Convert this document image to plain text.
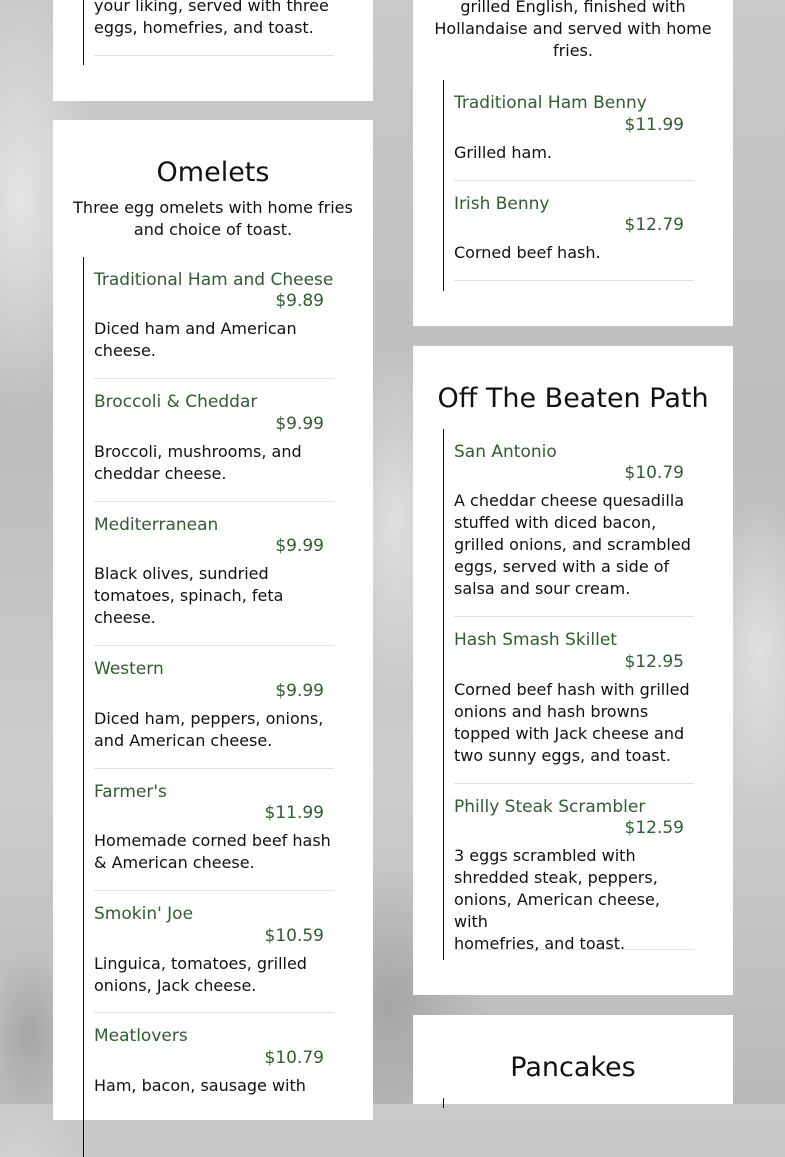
your liking, served with three
eggs, homefries, and toast.
grilled English, finished with
Hollandaise and served with home
fries.
Traditional Ham Benny
$11.99
Grilled ham.
Irish Benny
$12.79
Corned beef hash.
Omelets
Three egg omelets with home fries
and choice of toast.
Traditional Ham and Cheese
$9.89
Diced ham and American
cheese.
Broccoli & Cheddar
$9.99
Broccoli, mushrooms, and
cheddar cheese.
Mediterranean
$9.99
Black olives, sundried
tomatoes, spinach, feta
cheese.
Western
$9.99
Diced ham, peppers, onions,
and American cheese.
Farmer's
$11.99
Homemade corned beef hash
& American cheese.
Smokin' Joe
$10.59
Linguica, tomatoes, grilled
onions, Jack cheese.
Meatlovers
$10.79
Ham, bacon, sausage with
Off The Beaten Path
San Antonio
$10.79
A cheddar cheese quesadilla
stuffed with diced bacon,
grilled onions, and scrambled
eggs, served with a side of
salsa and sour cream.
Hash Smash Skillet
$12.95
Corned beef hash with grilled
onions and hash browns
topped with Jack cheese and
two sunny eggs, and toast.
Philly Steak Scrambler
$12.59
3 eggs scrambled with
shredded steak, peppers,
onions, American cheese, with
homefries, and toast.
Pancakes
